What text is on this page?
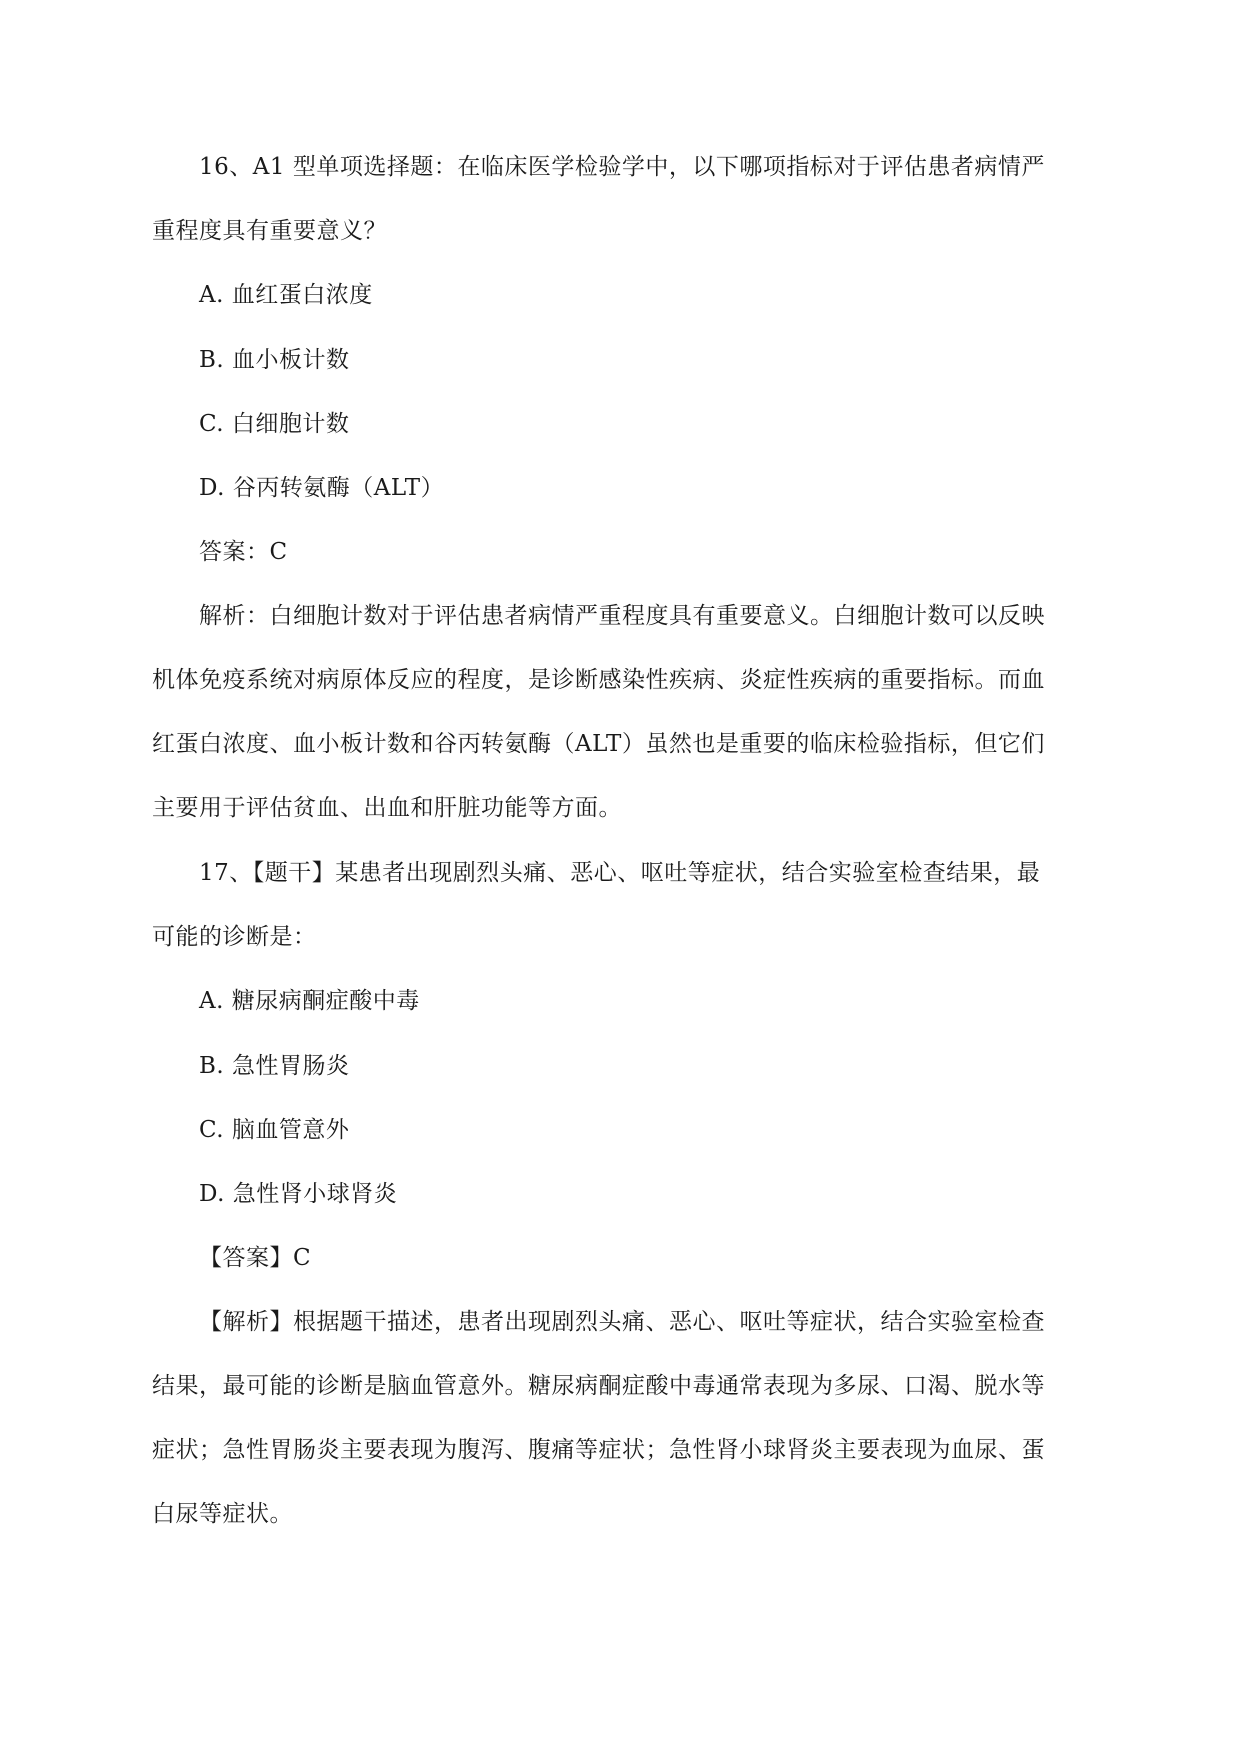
16、A1 型单项选择题：在临床医学检验学中，以下哪项指标对于评估患者病情严
重程度具有重要意义？
A. 血红蛋白浓度
B. 血小板计数
C. 白细胞计数
D. 谷丙转氨酶（ALT）
答案：C
解析：白细胞计数对于评估患者病情严重程度具有重要意义。白细胞计数可以反映
机体免疫系统对病原体反应的程度，是诊断感染性疾病、炎症性疾病的重要指标。而血
红蛋白浓度、血小板计数和谷丙转氨酶（ALT）虽然也是重要的临床检验指标，但它们
主要用于评估贫血、出血和肝脏功能等方面。
17、【题干】某患者出现剧烈头痛、恶心、呕吐等症状，结合实验室检查结果，最
可能的诊断是：
A. 糖尿病酮症酸中毒
B. 急性胃肠炎
C. 脑血管意外
D. 急性肾小球肾炎
【答案】C
【解析】根据题干描述，患者出现剧烈头痛、恶心、呕吐等症状，结合实验室检查
结果，最可能的诊断是脑血管意外。糖尿病酮症酸中毒通常表现为多尿、口渴、脱水等
症状；急性胃肠炎主要表现为腹泻、腹痛等症状；急性肾小球肾炎主要表现为血尿、蛋
白尿等症状。
